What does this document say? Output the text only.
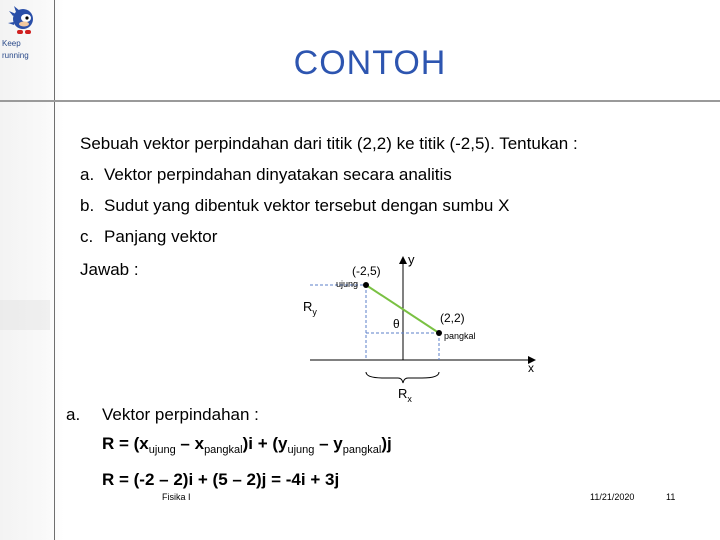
Keep
running	CONTOH
Sebuah vektor perpindahan dari titik (2,2) ke titik (-2,5). Tentukan :
a. Vektor perpindahan dinyatakan secara analitis
b. Sudut yang dibentuk vektor tersebut dengan sumbu X
c. Panjang vektor
Jawab :
y
x
(-2,5)
ujung
(2,2)
pangkal
θ
$R_y$
$R_x$
a. Vektor perpindahan :
$R = (x_{ujung} - x_{pangkal})i + (y_{ujung} - y_{pangkal})j$
R = (-2 – 2)i + (5 – 2)j = -4i + 3j
Fisika I	11/21/2020	11
